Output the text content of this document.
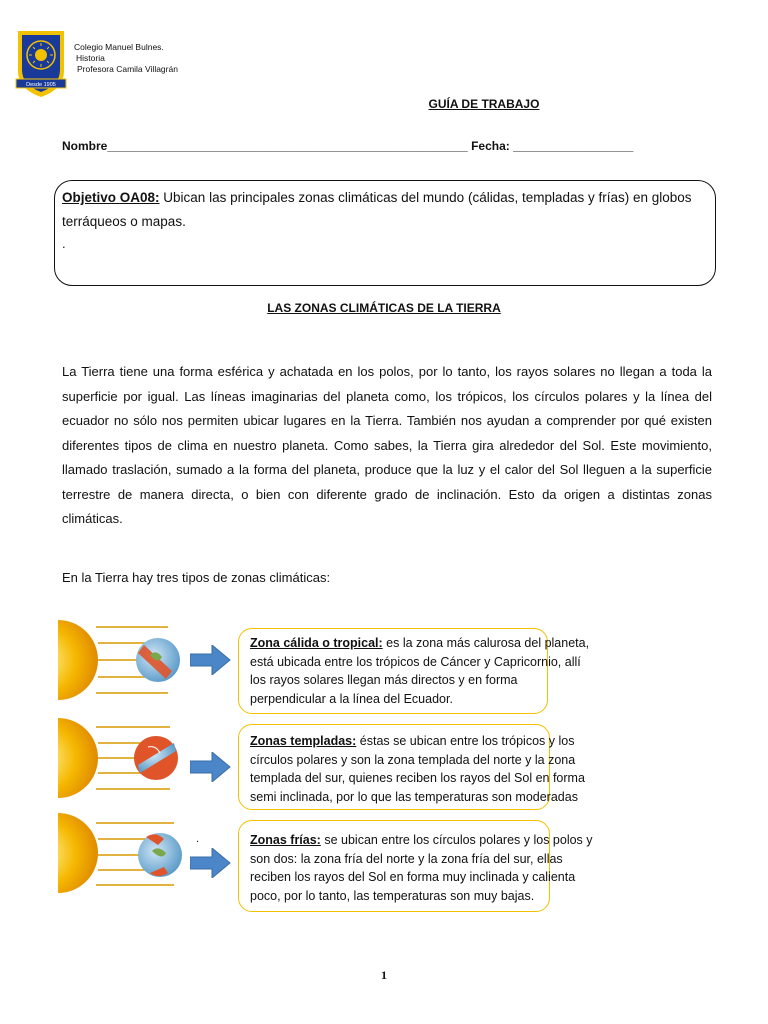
Desde 1905
Colegio Manuel Bulnes.
Historia
Profesora Camila Villagrán
GUÍA DE TRABAJO
Nombre______________________________________________________ Fecha: __________________
Objetivo OA08: Ubican las principales zonas climáticas del mundo (cálidas, templadas y frías) en globos terráqueos o mapas.
.
LAS ZONAS CLIMÁTICAS DE LA TIERRA
La Tierra tiene una forma esférica y achatada en los polos, por lo tanto, los rayos solares no llegan a toda la superficie por igual. Las líneas imaginarias del planeta como, los trópicos, los círculos polares y la línea del ecuador no sólo nos permiten ubicar lugares en la Tierra. También nos ayudan a comprender por qué existen diferentes tipos de clima en nuestro planeta. Como sabes, la Tierra gira alrededor del Sol. Este movimiento, llamado traslación, sumado a la forma del planeta, produce que la luz y el calor del Sol lleguen a la superficie terrestre de manera directa, o bien con diferente grado de inclinación. Esto da origen a distintas zonas climáticas.
En la Tierra hay tres tipos de zonas climáticas:
.
Zona cálida o tropical: es la zona más calurosa del planeta,
está ubicada entre los trópicos de Cáncer y Capricornio, allí
los rayos solares llegan más directos y en forma
perpendicular a la línea del Ecuador.
Zonas templadas: éstas se ubican entre los trópicos y los
círculos polares y son la zona templada del norte y la zona
templada del sur, quienes reciben los rayos del Sol en forma
semi inclinada, por lo que las temperaturas son moderadas
Zonas frías: se ubican entre los círculos polares y los polos y
son dos: la zona fría del norte y la zona fría del sur, ellas
reciben los rayos del Sol en forma muy inclinada y calienta
poco, por lo tanto, las temperaturas son muy bajas.
1
